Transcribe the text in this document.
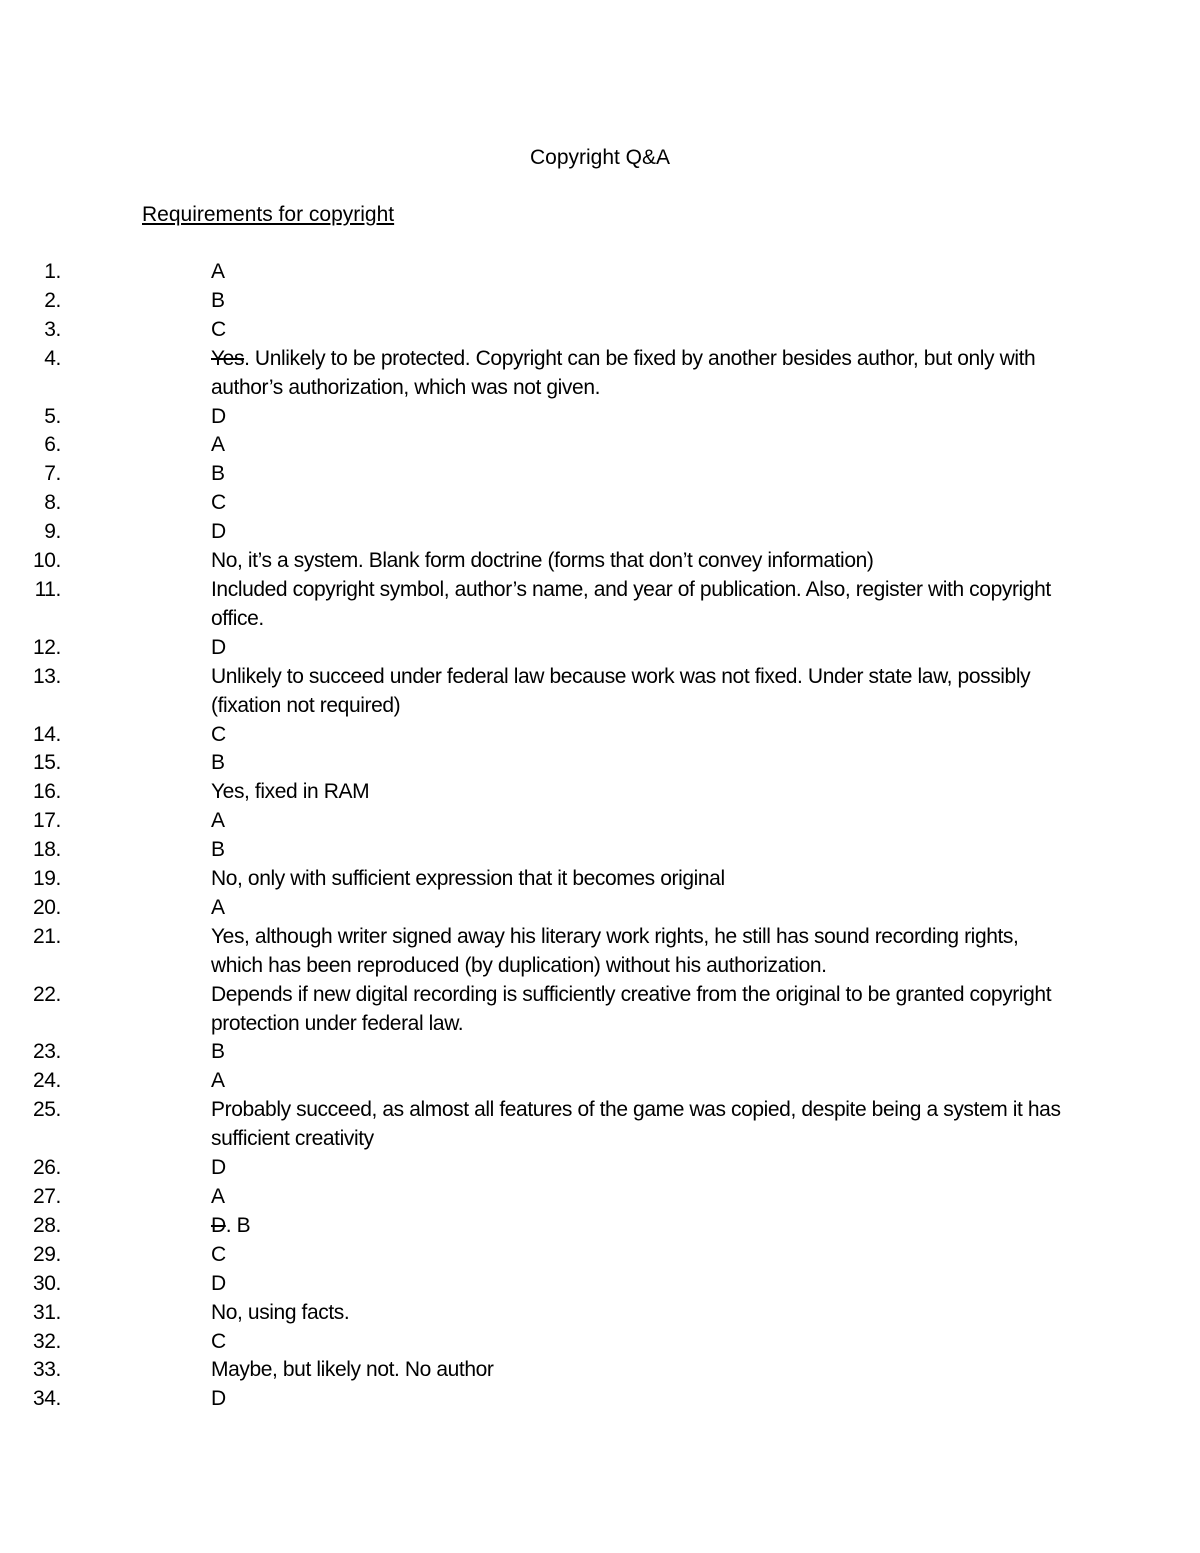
Copyright Q&A
Requirements for copyright
1.	A
2.	B
3.	C
4.	Yes. Unlikely to be protected. Copyright can be fixed by another besides author, but only with author’s authorization, which was not given.
5.	D
6.	A
7.	B
8.	C
9.	D
10.	No, it’s a system. Blank form doctrine (forms that don’t convey information)
11.	Included copyright symbol, author’s name, and year of publication. Also, register with copyright office.
12.	D
13.	Unlikely to succeed under federal law because work was not fixed. Under state law, possibly (fixation not required)
14.	C
15.	B
16.	Yes, fixed in RAM
17.	A
18.	B
19.	No, only with sufficient expression that it becomes original
20.	A
21.	Yes, although writer signed away his literary work rights, he still has sound recording rights, which has been reproduced (by duplication) without his authorization.
22.	Depends if new digital recording is sufficiently creative from the original to be granted copyright protection under federal law.
23.	B
24.	A
25.	Probably succeed, as almost all features of the game was copied, despite being a system it has sufficient creativity
26.	D
27.	A
28.	D. B
29.	C
30.	D
31.	No, using facts.
32.	C
33.	Maybe, but likely not. No author
34.	D
